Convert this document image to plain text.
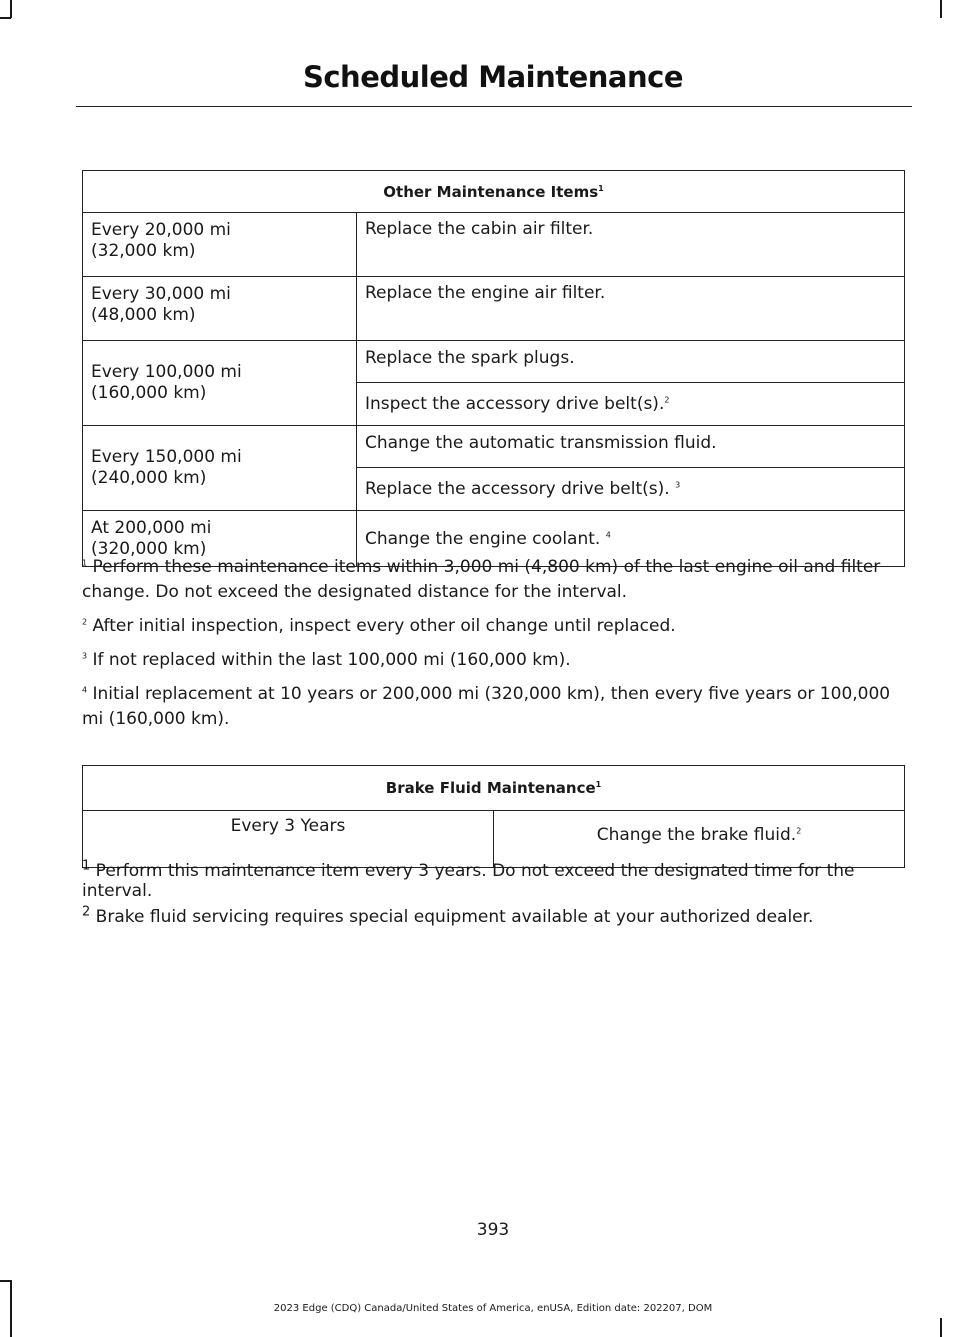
Scheduled Maintenance
Other Maintenance Items$^1$
Every 20,000 mi
(32,000 km)	Replace the cabin air filter.
Every 30,000 mi
(48,000 km)	Replace the engine air filter.
Every 100,000 mi
(160,000 km)	Replace the spark plugs.
	Inspect the accessory drive belt(s).$^2$
Every 150,000 mi
(240,000 km)	Change the automatic transmission fluid.
	Replace the accessory drive belt(s). $^3$
At 200,000 mi
(320,000 km)	Change the engine coolant. $^4$

$^1$ Perform these maintenance items within 3,000 mi (4,800 km) of the last engine oil and filter change. Do not exceed the designated distance for the interval.

$^2$ After initial inspection, inspect every other oil change until replaced.

$^3$ If not replaced within the last 100,000 mi (160,000 km).

$^4$ Initial replacement at 10 years or 200,000 mi (320,000 km), then every five years or 100,000 mi (160,000 km).

Brake Fluid Maintenance$^1$
Every 3 Years	Change the brake fluid.$^2$

$^1$ Perform this maintenance item every 3 years. Do not exceed the designated time for the interval.

$^2$ Brake fluid servicing requires special equipment available at your authorized dealer.

393
2023 Edge (CDQ) Canada/United States of America, enUSA, Edition date: 202207, DOM
